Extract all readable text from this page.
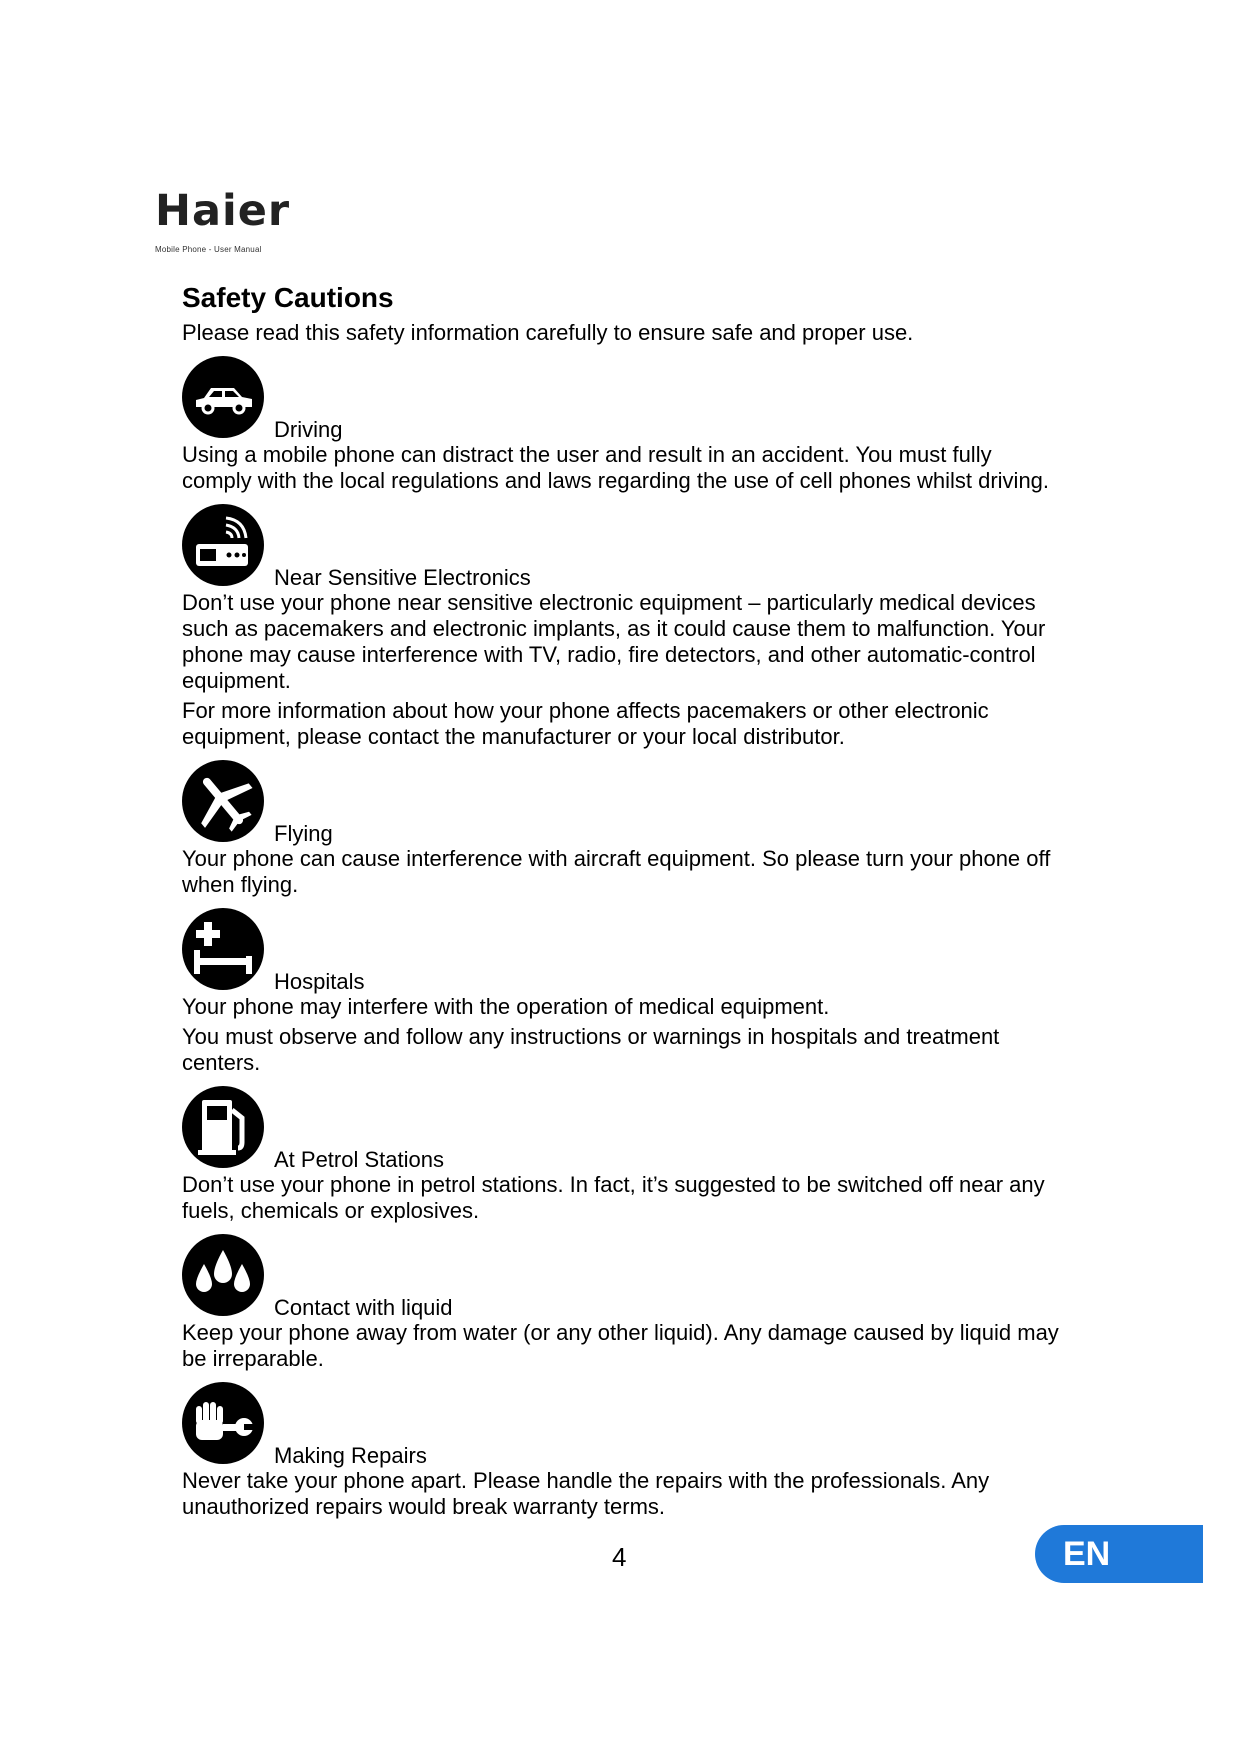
Haier
Mobile Phone - User Manual
Safety Cautions

Please read this safety information carefully to ensure safe and proper use.

Driving

Using a mobile phone can distract the user and result in an accident. You must fully comply with the local regulations and laws regarding the use of cell phones whilst driving.

Near Sensitive Electronics

Don’t use your phone near sensitive electronic equipment – particularly medical devices such as pacemakers and electronic implants, as it could cause them to malfunction. Your phone may cause interference with TV, radio, fire detectors, and other automatic-control equipment.

For more information about how your phone affects pacemakers or other electronic equipment, please contact the manufacturer or your local distributor.

Flying

Your phone can cause interference with aircraft equipment. So please turn your phone off when flying.

Hospitals

Your phone may interfere with the operation of medical equipment.

You must observe and follow any instructions or warnings in hospitals and treatment centers.

At Petrol Stations

Don’t use your phone in petrol stations. In fact, it’s suggested to be switched off near any fuels, chemicals or explosives.

Contact with liquid

Keep your phone away from water (or any other liquid). Any damage caused by liquid may be irreparable.

Making Repairs

Never take your phone apart. Please handle the repairs with the professionals. Any unauthorized repairs would break warranty terms.

4	EN
